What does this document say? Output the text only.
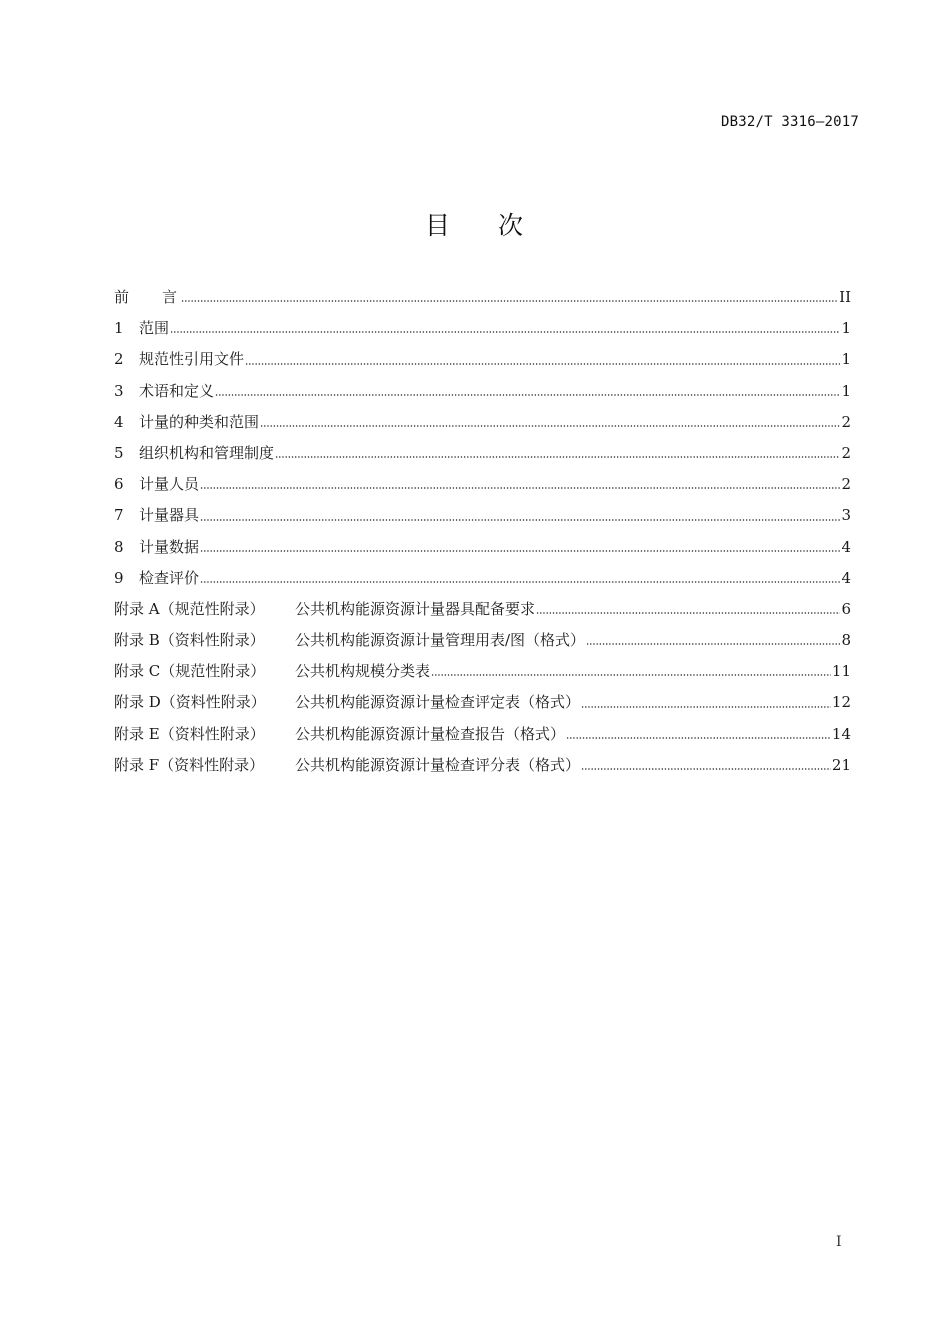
DB32/T 3316—2017
目 次
前 言	II
1	范围	1
2	规范性引用文件	1
3	术语和定义	1
4	计量的种类和范围	2
5	组织机构和管理制度	2
6	计量人员	2
7	计量器具	3
8	计量数据	4
9	检查评价	4
附录 A（规范性附录）	公共机构能源资源计量器具配备要求	6
附录 B（资料性附录）	公共机构能源资源计量管理用表/图（格式）	8
附录 C（规范性附录）	公共机构规模分类表	11
附录 D（资料性附录）	公共机构能源资源计量检查评定表（格式）	12
附录 E（资料性附录）	公共机构能源资源计量检查报告（格式）	14
附录 F（资料性附录）	公共机构能源资源计量检查评分表（格式）	21
I
